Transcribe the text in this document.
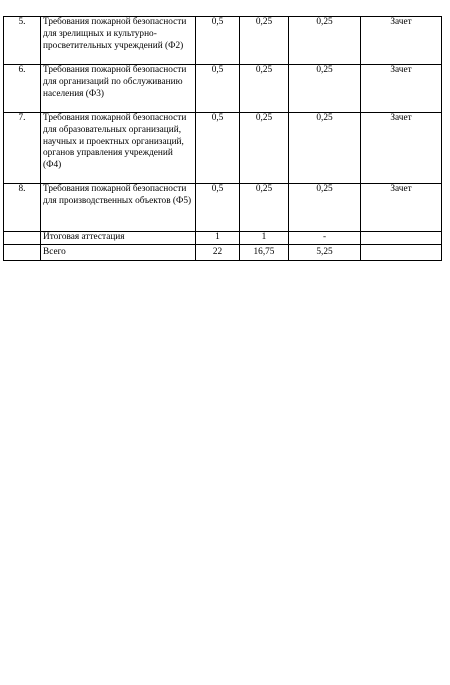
5.	Требования пожарной безопасности для зрелищных и культурно-просветительных учреждений (Ф2)	0,5	0,25	0,25	Зачет
6.	Требования пожарной безопасности для организаций по обслуживанию населения (Ф3)	0,5	0,25	0,25	Зачет
7.	Требования пожарной безопасности для образовательных организаций, научных и проектных организаций, органов управления учреждений (Ф4)	0,5	0,25	0,25	Зачет
8.	Требования пожарной безопасности для производственных объектов (Ф5)	0,5	0,25	0,25	Зачет
	Итоговая аттестация	1	1	-	
	Всего	22	16,75	5,25	
